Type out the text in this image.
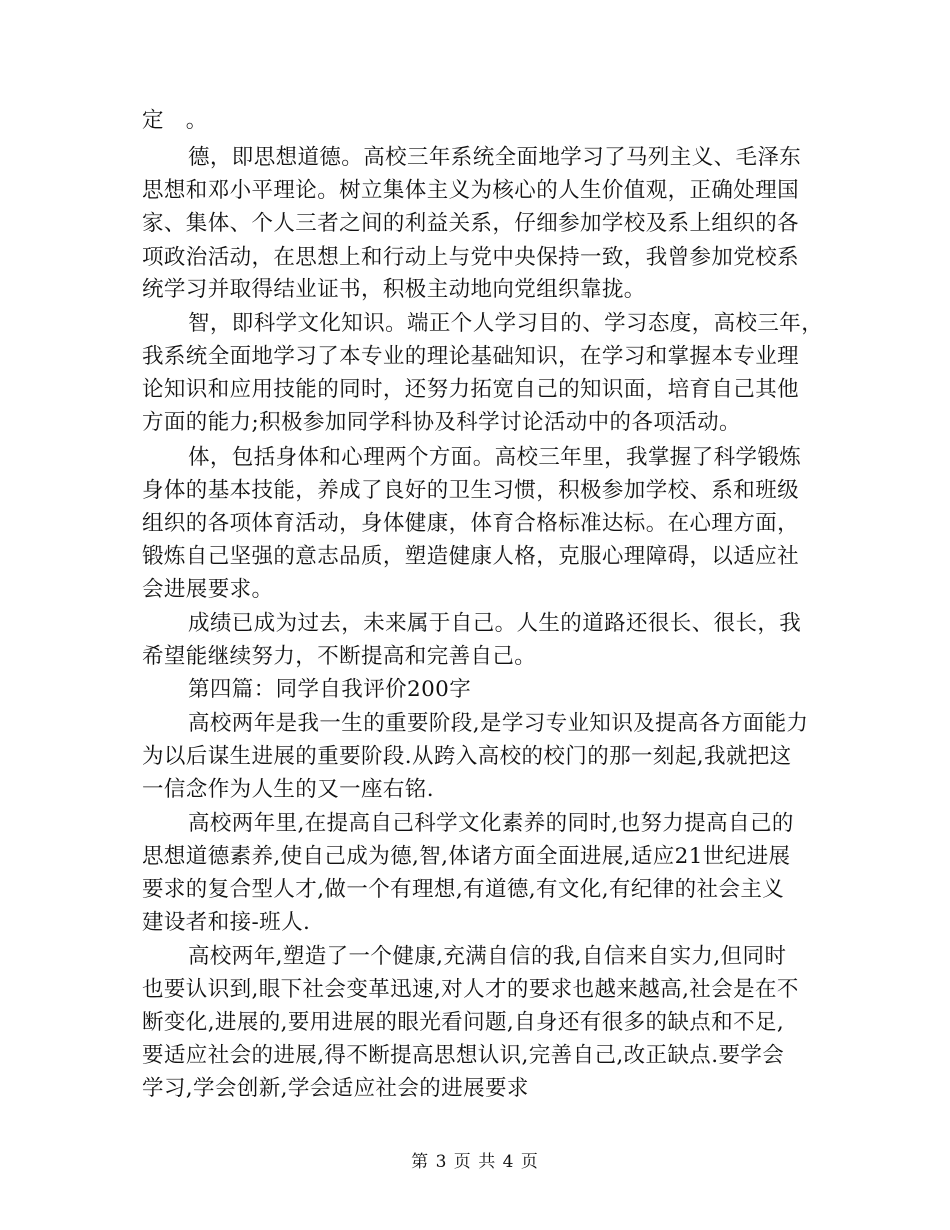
定　。
德，即思想道德。高校三年系统全面地学习了马列主义、毛泽东
思想和邓小平理论。树立集体主义为核心的人生价值观，正确处理国
家、集体、个人三者之间的利益关系，仔细参加学校及系上组织的各
项政治活动，在思想上和行动上与党中央保持一致，我曾参加党校系
统学习并取得结业证书，积极主动地向党组织靠拢。
智，即科学文化知识。端正个人学习目的、学习态度，高校三年，
我系统全面地学习了本专业的理论基础知识，在学习和掌握本专业理
论知识和应用技能的同时，还努力拓宽自己的知识面，培育自己其他
方面的能力;积极参加同学科协及科学讨论活动中的各项活动。
体，包括身体和心理两个方面。高校三年里，我掌握了科学锻炼
身体的基本技能，养成了良好的卫生习惯，积极参加学校、系和班级
组织的各项体育活动，身体健康，体育合格标准达标。在心理方面，
锻炼自己坚强的意志品质，塑造健康人格，克服心理障碍，以适应社
会进展要求。
成绩已成为过去，未来属于自己。人生的道路还很长、很长，我
希望能继续努力，不断提高和完善自己。
第四篇：同学自我评价200字
高校两年是我一生的重要阶段,是学习专业知识及提高各方面能力
为以后谋生进展的重要阶段.从跨入高校的校门的那一刻起,我就把这
一信念作为人生的又一座右铭.
高校两年里,在提高自己科学文化素养的同时,也努力提高自己的
思想道德素养,使自己成为德,智,体诸方面全面进展,适应21世纪进展
要求的复合型人才,做一个有理想,有道德,有文化,有纪律的社会主义
建设者和接-班人.
高校两年,塑造了一个健康,充满自信的我,自信来自实力,但同时
也要认识到,眼下社会变革迅速,对人才的要求也越来越高,社会是在不
断变化,进展的,要用进展的眼光看问题,自身还有很多的缺点和不足,
要适应社会的进展,得不断提高思想认识,完善自己,改正缺点.要学会
学习,学会创新,学会适应社会的进展要求
第 3 页 共 4 页
